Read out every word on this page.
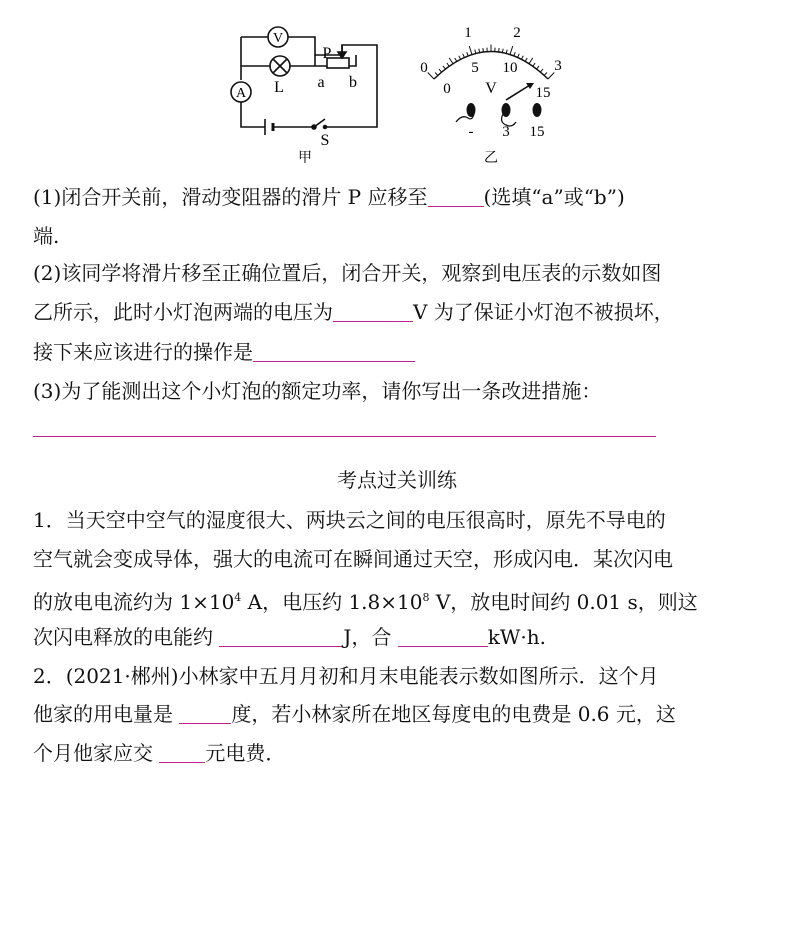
V
A L
P
a b
S
甲
0
1	2
3
0
5 10
15
V
- 3 15
乙
(1)闭合开关前，滑动变阻器的滑片 P 应移至	(选填“a”或“b”)
端.
(2)该同学将滑片移至正确位置后，闭合开关，观察到电压表的示数如图
乙所示，此时小灯泡两端的电压为	V 为了保证小灯泡不被损坏，
接下来应该进行的操作是
(3)为了能测出这个小灯泡的额定功率，请你写出一条改进措施：
考点过关训练
1．当天空中空气的湿度很大、两块云之间的电压很高时，原先不导电的
空气就会变成导体，强大的电流可在瞬间通过天空，形成闪电．某次闪电
的放电电流约为 $1\times 10^4$ A，电压约 $1.8\times 10^8$ V，放电时间约 0.01 s，则这
次闪电释放的电能约	J，合	kW·h.
2．(2021·郴州)小林家中五月月初和月末电能表示数如图所示．这个月
他家的用电量是	度，若小林家所在地区每度电的电费是 0.6 元，这
个月他家应交 元电费．
